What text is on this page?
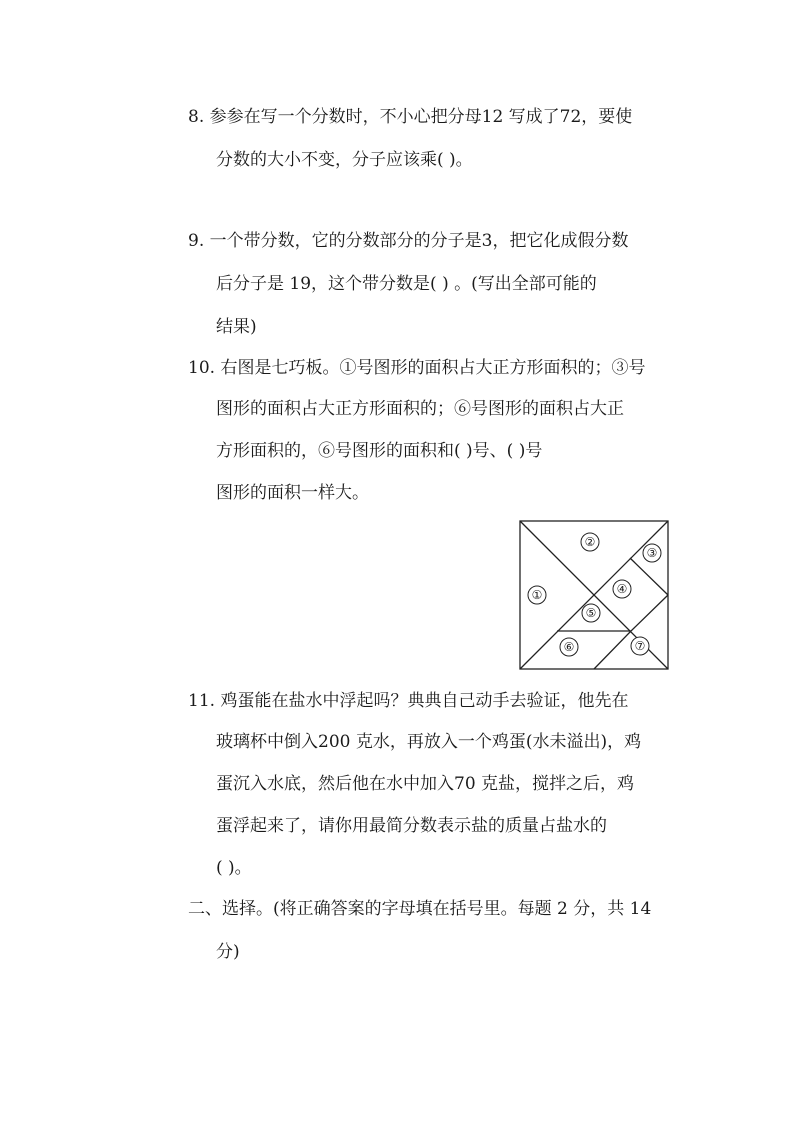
8. 参参在写一个分数时，不小心把分母12 写成了72，要使
分数的大小不变，分子应该乘( )。
9. 一个带分数，它的分数部分的分子是3，把它化成假分数
后分子是 19，这个带分数是( ) 。(写出全部可能的
结果)
10. 右图是七巧板。①号图形的面积占大正方形面积的；③号
图形的面积占大正方形面积的；⑥号图形的面积占大正
方形面积的，⑥号图形的面积和( )号、( )号
图形的面积一样大。
①
②
③
④
⑤
⑥	⑦
11. 鸡蛋能在盐水中浮起吗？典典自己动手去验证，他先在
玻璃杯中倒入200 克水，再放入一个鸡蛋(水未溢出)，鸡
蛋沉入水底，然后他在水中加入70 克盐，搅拌之后，鸡
蛋浮起来了，请你用最简分数表示盐的质量占盐水的
( )。
二、选择。(将正确答案的字母填在括号里。每题 2 分，共 14
分)
